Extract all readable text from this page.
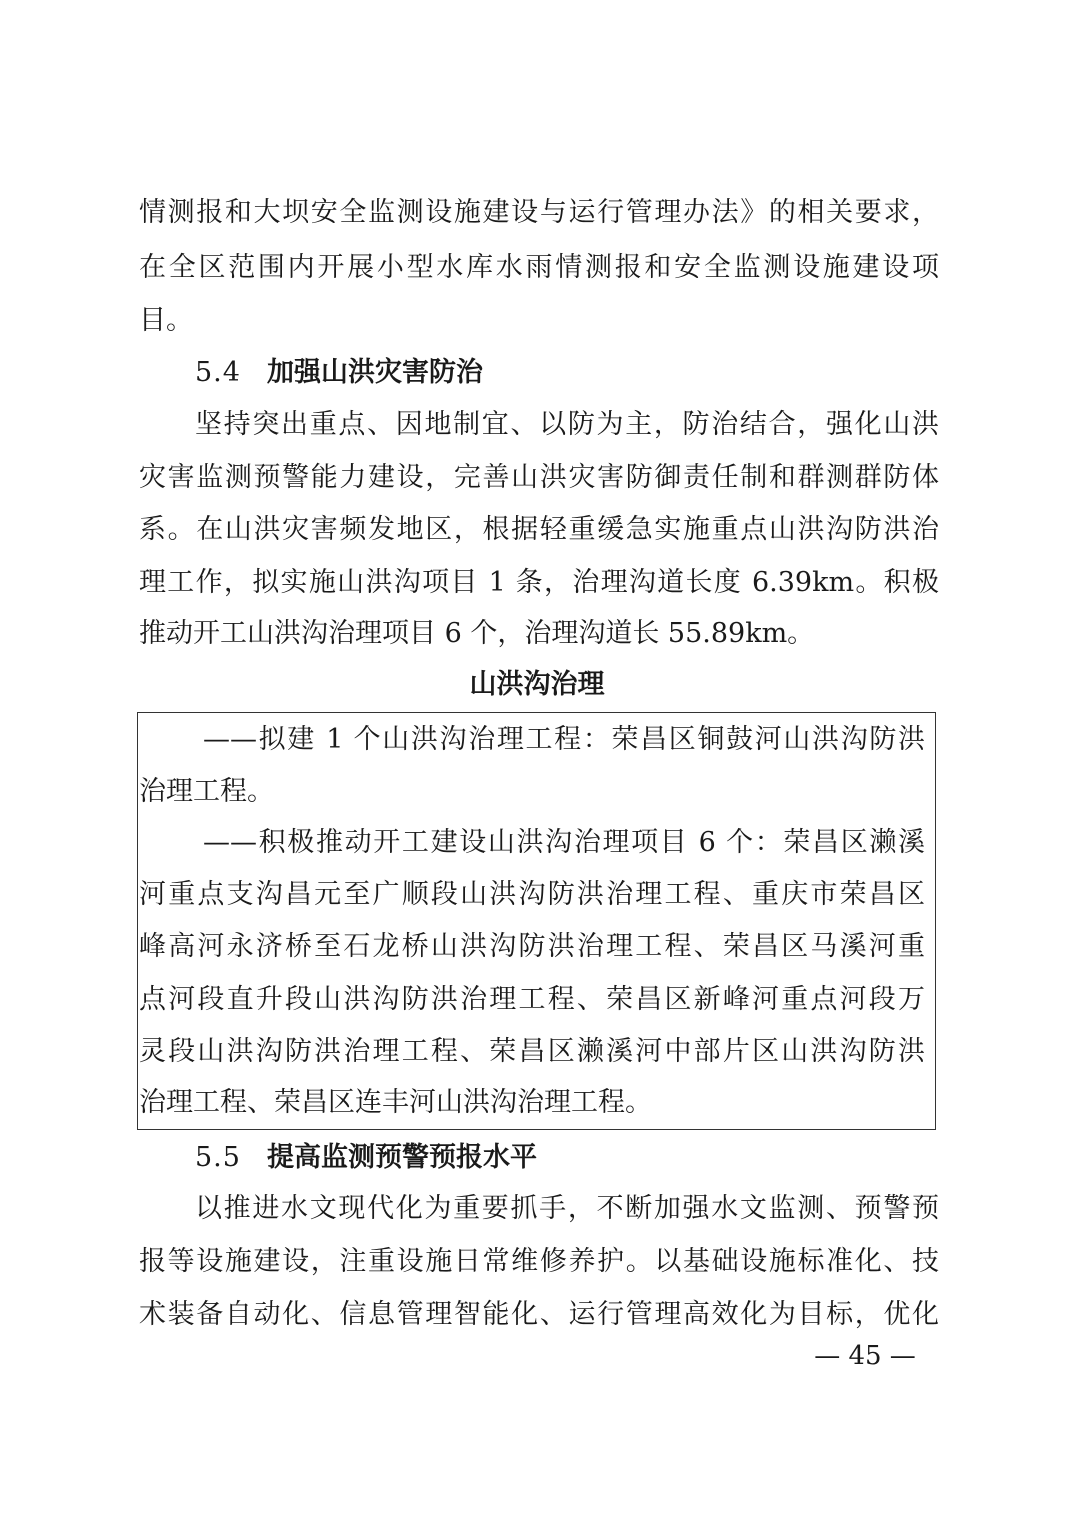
情测报和大坝安全监测设施建设与运行管理办法》的相关要求，
在全区范围内开展小型水库水雨情测报和安全监测设施建设项
目。
5.4 加强山洪灾害防治
坚持突出重点、因地制宜、以防为主，防治结合，强化山洪
灾害监测预警能力建设，完善山洪灾害防御责任制和群测群防体
系。在山洪灾害频发地区，根据轻重缓急实施重点山洪沟防洪治
理工作，拟实施山洪沟项目 1 条，治理沟道长度 6.39km。积极
推动开工山洪沟治理项目 6 个，治理沟道长 55.89km。
山洪沟治理
——拟建 1 个山洪沟治理工程：荣昌区铜鼓河山洪沟防洪
治理工程。
——积极推动开工建设山洪沟治理项目 6 个：荣昌区濑溪
河重点支沟昌元至广顺段山洪沟防洪治理工程、重庆市荣昌区
峰高河永济桥至石龙桥山洪沟防洪治理工程、荣昌区马溪河重
点河段直升段山洪沟防洪治理工程、荣昌区新峰河重点河段万
灵段山洪沟防洪治理工程、荣昌区濑溪河中部片区山洪沟防洪
治理工程、荣昌区连丰河山洪沟治理工程。
5.5 提高监测预警预报水平
以推进水文现代化为重要抓手，不断加强水文监测、预警预
报等设施建设，注重设施日常维修养护。以基础设施标准化、技
术装备自动化、信息管理智能化、运行管理高效化为目标，优化
— 45 —
